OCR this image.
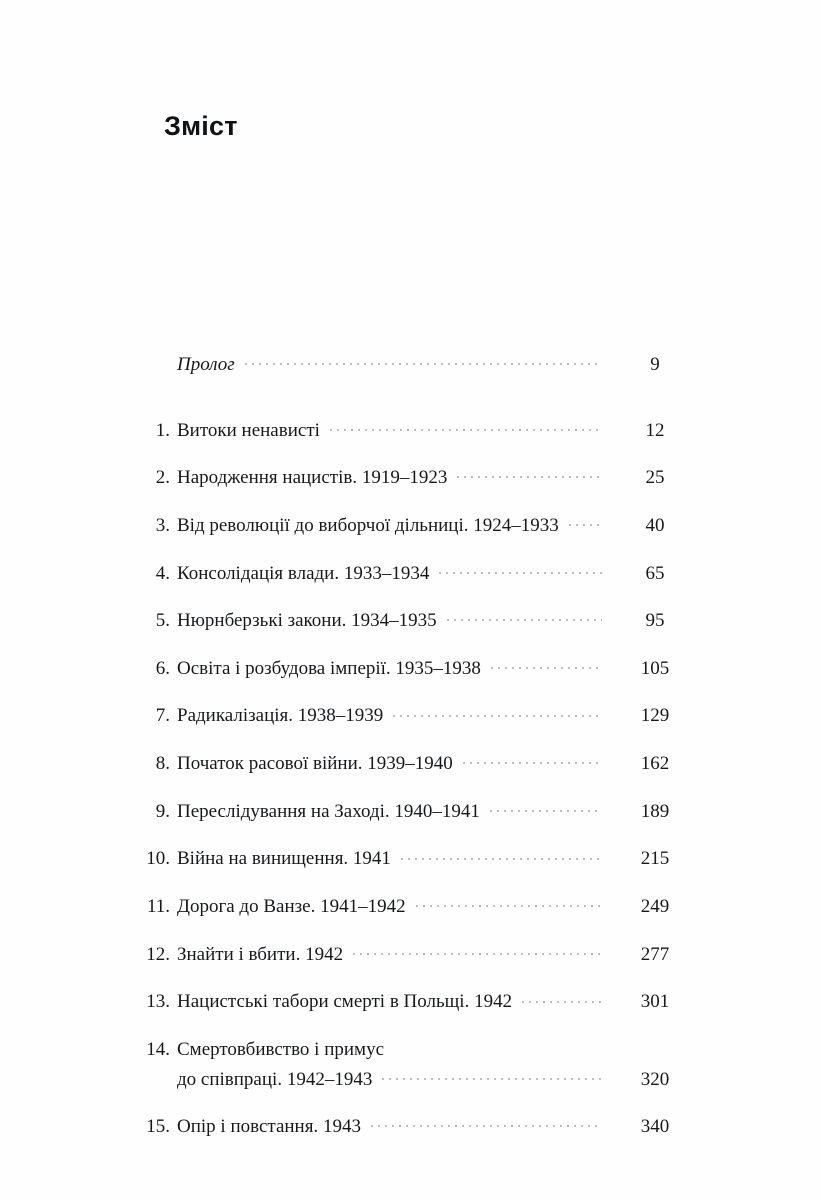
Зміст
Пролог	9
1. Витоки ненависті	12
2. Народження нацистів. 1919–1923	25
3. Від революції до виборчої дільниці. 1924–1933	40
4. Консолідація влади. 1933–1934	65
5. Нюрнберзькі закони. 1934–1935	95
6. Освіта і розбудова імперії. 1935–1938	105
7. Радикалізація. 1938–1939	129
8. Початок расової війни. 1939–1940	162
9. Переслідування на Заході. 1940–1941	189
10. Війна на винищення. 1941	215
11. Дорога до Ванзе. 1941–1942	249
12. Знайти і вбити. 1942	277
13. Нацистські табори смерті в Польщі. 1942	301
14. Смертовбивство і примус
до співпраці. 1942–1943	320
15. Опір і повстання. 1943	340
